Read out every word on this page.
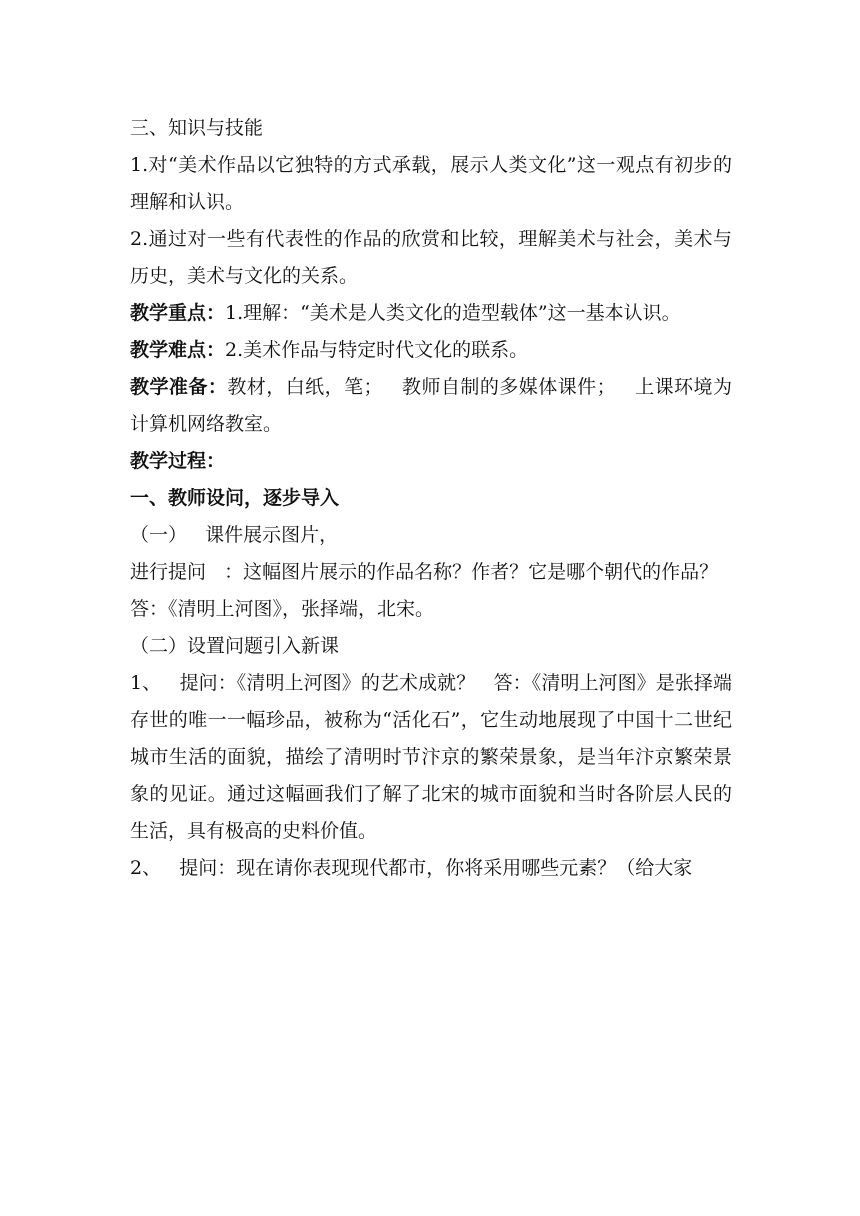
三、知识与技能

1.对“美术作品以它独特的方式承载，展示人类文化”这一观点有初步的理解和认识。

2.通过对一些有代表性的作品的欣赏和比较，理解美术与社会，美术与历史，美术与文化的关系。

教学重点：1.理解：“美术是人类文化的造型载体”这一基本认识。

教学难点：2.美术作品与特定时代文化的联系。

教学准备：教材，白纸，笔；   教师自制的多媒体课件；   上课环境为计算机网络教室。

教学过程：

一、教师设问，逐步导入

（一）   课件展示图片，

进行提问   ：这幅图片展示的作品名称？作者？它是哪个朝代的作品？

答：《清明上河图》，张择端，北宋。

（二）设置问题引入新课

1、   提问：《清明上河图》的艺术成就？   答：《清明上河图》是张择端存世的唯一一幅珍品，被称为“活化石”，它生动地展现了中国十二世纪城市生活的面貌，描绘了清明时节汴京的繁荣景象，是当年汴京繁荣景象的见证。通过这幅画我们了解了北宋的城市面貌和当时各阶层人民的生活，具有极高的史料价值。

2、   提问：现在请你表现现代都市，你将采用哪些元素？（给大家
